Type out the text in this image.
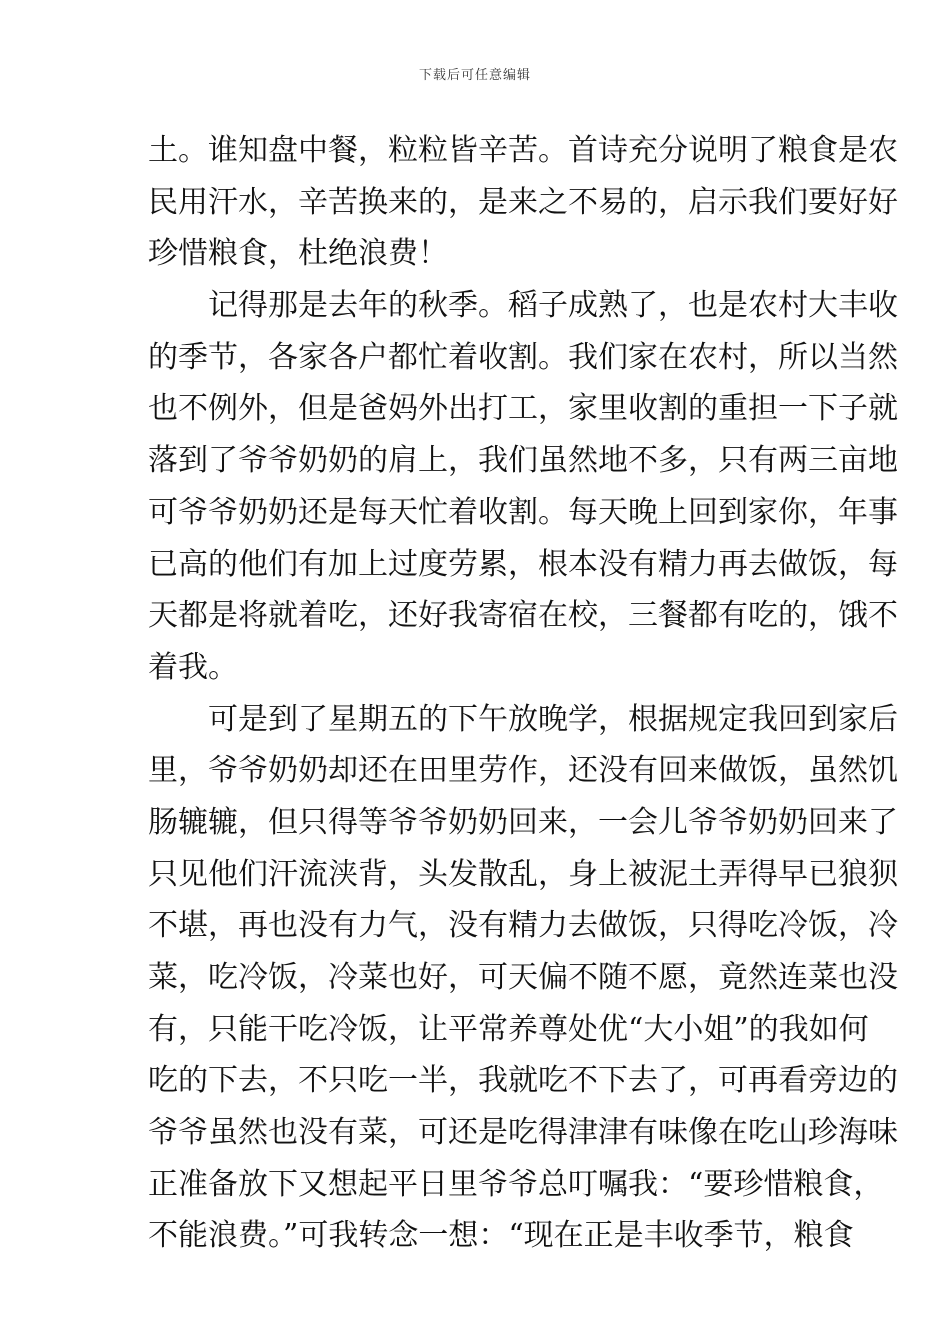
下载后可任意编辑
土。谁知盘中餐，粒粒皆辛苦。首诗充分说明了粮食是农
民用汗水，辛苦换来的，是来之不易的，启示我们要好好
珍惜粮食，杜绝浪费！
记得那是去年的秋季。稻子成熟了，也是农村大丰收
的季节，各家各户都忙着收割。我们家在农村，所以当然
也不例外，但是爸妈外出打工，家里收割的重担一下子就
落到了爷爷奶奶的肩上，我们虽然地不多，只有两三亩地
可爷爷奶奶还是每天忙着收割。每天晚上回到家你，年事
已高的他们有加上过度劳累，根本没有精力再去做饭，每
天都是将就着吃，还好我寄宿在校，三餐都有吃的，饿不
着我。
可是到了星期五的下午放晚学，根据规定我回到家后
里，爷爷奶奶却还在田里劳作，还没有回来做饭，虽然饥
肠辘辘，但只得等爷爷奶奶回来，一会儿爷爷奶奶回来了
只见他们汗流浃背，头发散乱，身上被泥土弄得早已狼狈
不堪，再也没有力气，没有精力去做饭，只得吃冷饭，冷
菜，吃冷饭，冷菜也好，可天偏不随不愿，竟然连菜也没
有，只能干吃冷饭，让平常养尊处优“大小姐”的我如何
吃的下去，不只吃一半，我就吃不下去了，可再看旁边的
爷爷虽然也没有菜，可还是吃得津津有味像在吃山珍海味
正准备放下又想起平日里爷爷总叮嘱我：“要珍惜粮食，
不能浪费。”可我转念一想：“现在正是丰收季节，粮食
